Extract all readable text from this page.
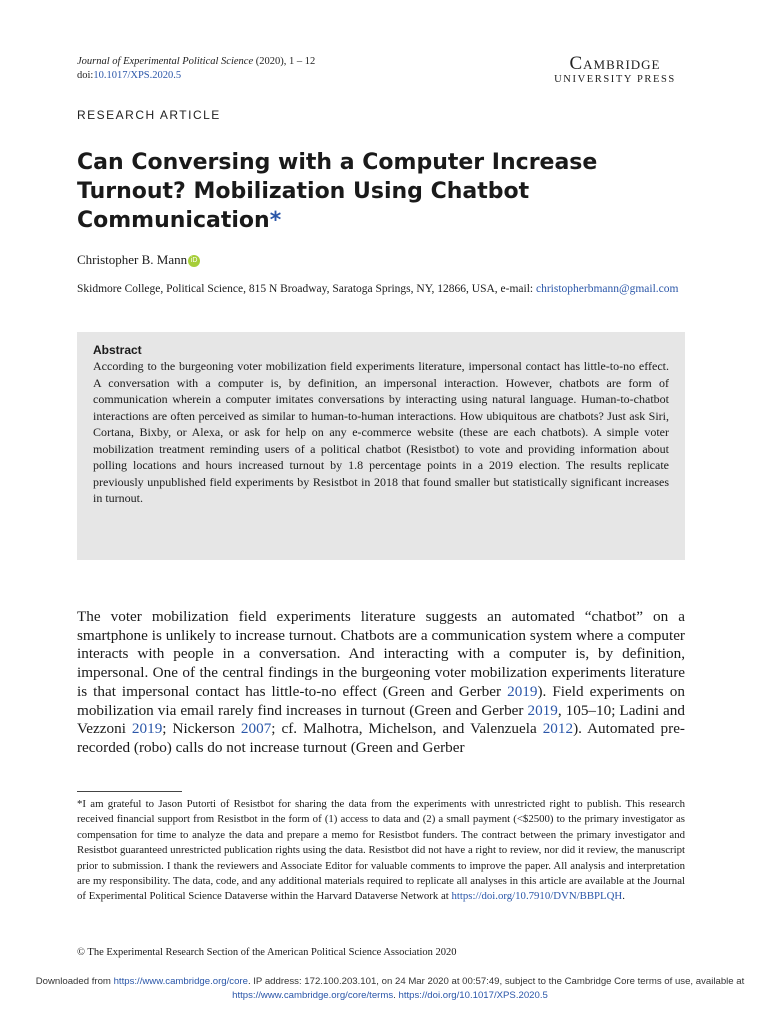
Journal of Experimental Political Science (2020), 1 – 12
doi:10.1017/XPS.2020.5
Cambridge
UNIVERSITY PRESS
RESEARCH ARTICLE
Can Conversing with a Computer Increase Turnout? Mobilization Using Chatbot Communication*
Christopher B. Mann iD
Skidmore College, Political Science, 815 N Broadway, Saratoga Springs, NY, 12866, USA, e-mail: christopherbmann@gmail.com
Abstract

According to the burgeoning voter mobilization field experiments literature, impersonal contact has little-to-no effect. A conversation with a computer is, by definition, an impersonal interaction. However, chatbots are form of communication wherein a computer imitates conversations by interacting using natural language. Human-to-chatbot interactions are often perceived as similar to human-to-human interactions. How ubiquitous are chatbots? Just ask Siri, Cortana, Bixby, or Alexa, or ask for help on any e-commerce website (these are each chatbots). A simple voter mobilization treatment reminding users of a political chatbot (Resistbot) to vote and providing information about polling locations and hours increased turnout by 1.8 percentage points in a 2019 election. The results replicate previously unpublished field experiments by Resistbot in 2018 that found smaller but statistically significant increases in turnout.

The voter mobilization field experiments literature suggests an automated “chatbot” on a smartphone is unlikely to increase turnout. Chatbots are a communication system where a computer interacts with people in a conversation. And interacting with a computer is, by definition, impersonal. One of the central findings in the burgeoning voter mobilization experiments literature is that impersonal contact has little-to-no effect (Green and Gerber 2019). Field experiments on mobilization via email rarely find increases in turnout (Green and Gerber 2019, 105–10; Ladini and Vezzoni 2019; Nickerson 2007; cf. Malhotra, Michelson, and Valenzuela 2012). Automated pre-recorded (robo) calls do not increase turnout (Green and Gerber

*I am grateful to Jason Putorti of Resistbot for sharing the data from the experiments with unrestricted right to publish. This research received financial support from Resistbot in the form of (1) access to data and (2) a small payment (<$2500) to the primary investigator as compensation for time to analyze the data and prepare a memo for Resistbot funders. The contract between the primary investigator and Resistbot guaranteed unrestricted publication rights using the data. Resistbot did not have a right to review, nor did it review, the manuscript prior to submission. I thank the reviewers and Associate Editor for valuable comments to improve the paper. All analysis and interpretation are my responsibility. The data, code, and any additional materials required to replicate all analyses in this article are available at the Journal of Experimental Political Science Dataverse within the Harvard Dataverse Network at https://doi.org/10.7910/DVN/BBPLQH.

© The Experimental Research Section of the American Political Science Association 2020
Downloaded from https://www.cambridge.org/core. IP address: 172.100.203.101, on 24 Mar 2020 at 00:57:49, subject to the Cambridge Core terms of use, available at https://www.cambridge.org/core/terms. https://doi.org/10.1017/XPS.2020.5
